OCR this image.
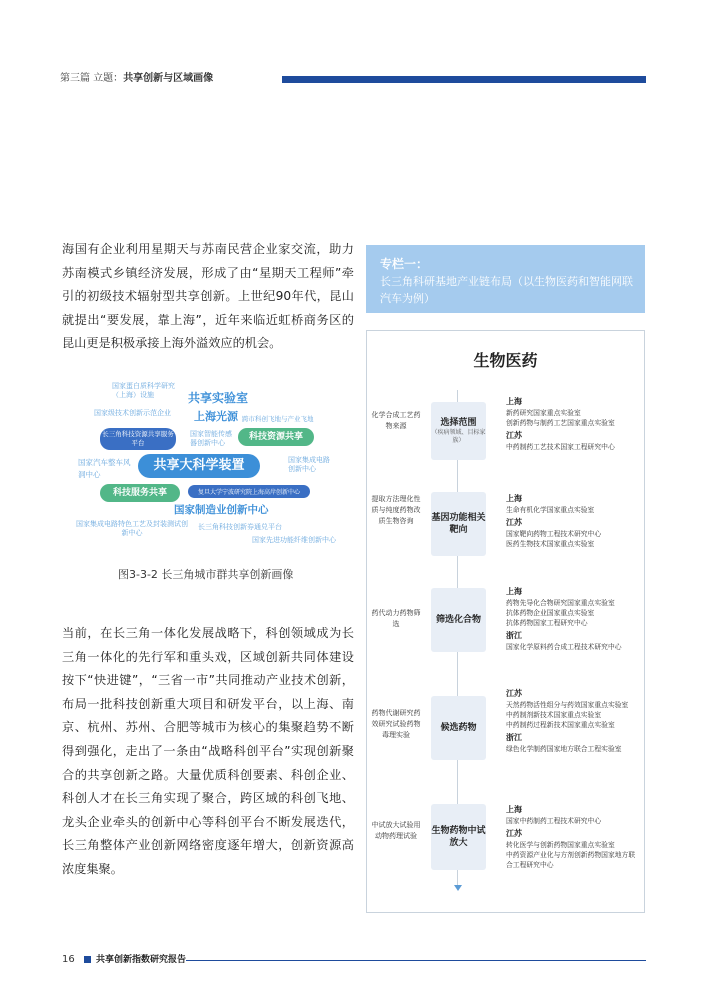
第三篇 立题：共享创新与区域画像

海国有企业利用星期天与苏南民营企业家交流，助力苏南模式乡镇经济发展，形成了由“星期天工程师”牵引的初级技术辐射型共享创新。上世纪90年代，昆山就提出“要发展，靠上海”，近年来临近虹桥商务区的昆山更是积极承接上海外溢效应的机会。

国家蛋白质科学研究（上海）设施	共享实验室
国家级技术创新示范企业 上海光源 跨市科创飞地与产业飞地
长三角科技资源共享服务平台
国家智能传感器创新中心
科技资源共享
国家汽车整车风洞中心
共享大科学装置	国家集成电路创新中心
科技服务共享	复旦大学宁波研究院上海高岸创新中心
国家制造业创新中心
国家集成电路特色工艺及封装测试创新中心
长三角科技创新券通兑平台
国家先进功能纤维创新中心
图3-3-2 长三角城市群共享创新画像

当前，在长三角一体化发展战略下，科创领域成为长三角一体化的先行军和重头戏，区域创新共同体建设按下“快进键”，“三省一市”共同推动产业技术创新，布局一批科技创新重大项目和研发平台，以上海、南京、杭州、苏州、合肥等城市为核心的集聚趋势不断得到强化，走出了一条由“战略科创平台”实现创新聚合的共享创新之路。大量优质科创要素、科创企业、科创人才在长三角实现了聚合，跨区域的科创飞地、龙头企业牵头的创新中心等科创平台不断发展迭代，长三角整体产业创新网络密度逐年增大，创新资源高浓度集聚。

专栏一：
长三角科研基地产业链布局（以生物医药和智能网联汽车为例）
生物医药
化学合成工艺药物来源	选择范围
（疾病领域、目标家族）
上海
新药研究国家重点实验室
创新药物与制药工艺国家重点实验室
江苏
中药制药工艺技术国家工程研究中心
提取方法理化性质与纯度药物改质生物咨询	基因功能相关靶向
上海
生命有机化学国家重点实验室
江苏
国家靶向药物工程技术研究中心
医药生物技术国家重点实验室
药代动力药物筛选	筛选化合物
上海
药物先导化合物研究国家重点实验室
抗体药物企业国家重点实验室
抗体药物国家工程研究中心
浙江
国家化学原料药合成工程技术研究中心
药物代谢研究药效研究试验药物毒理实验
候选药物
江苏
天然药物活性组分与药效国家重点实验室
中药制剂新技术国家重点实验室
中药制药过程新技术国家重点实验室
浙江
绿色化学制药国家地方联合工程实验室
中试放大试验用动物药理试验	生物药物中试放大
上海
国家中药制药工程技术研究中心
江苏
转化医学与创新药物国家重点实验室
中药资源产业化与方剂创新药物国家地方联合工程研究中心
16 共享创新指数研究报告
